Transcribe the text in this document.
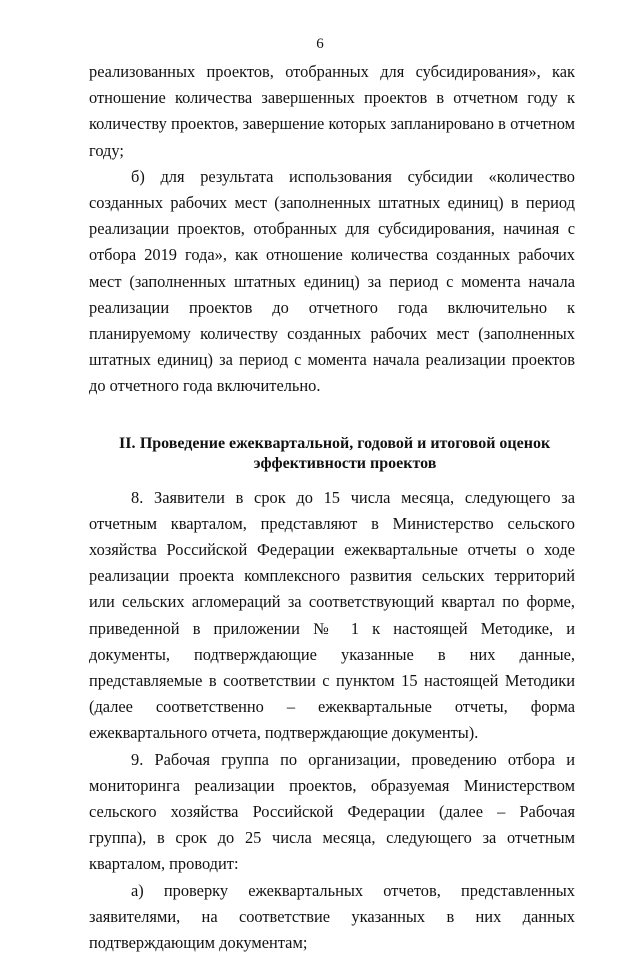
6

реализованных проектов, отобранных для субсидирования», как отношение количества завершенных проектов в отчетном году к количеству проектов, завершение которых запланировано в отчетном году;

б) для результата использования субсидии «количество созданных рабочих мест (заполненных штатных единиц) в период реализации проектов, отобранных для субсидирования, начиная с отбора 2019 года», как отношение количества созданных рабочих мест (заполненных штатных единиц) за период с момента начала реализации проектов до отчетного года включительно к планируемому количеству созданных рабочих мест (заполненных штатных единиц) за период с момента начала реализации проектов до отчетного года включительно.

II. Проведение ежеквартальной, годовой и итоговой оценок эффективности проектов

8. Заявители в срок до 15 числа месяца, следующего за отчетным кварталом, представляют в Министерство сельского хозяйства Российской Федерации ежеквартальные отчеты о ходе реализации проекта комплексного развития сельских территорий или сельских агломераций за соответствующий квартал по форме, приведенной в приложении № 1 к настоящей Методике, и документы, подтверждающие указанные в них данные, представляемые в соответствии с пунктом 15 настоящей Методики (далее соответственно – ежеквартальные отчеты, форма ежеквартального отчета, подтверждающие документы).

9. Рабочая группа по организации, проведению отбора и мониторинга реализации проектов, образуемая Министерством сельского хозяйства Российской Федерации (далее – Рабочая группа), в срок до 25 числа месяца, следующего за отчетным кварталом, проводит:

а) проверку ежеквартальных отчетов, представленных заявителями, на соответствие указанных в них данных подтверждающим документам;
